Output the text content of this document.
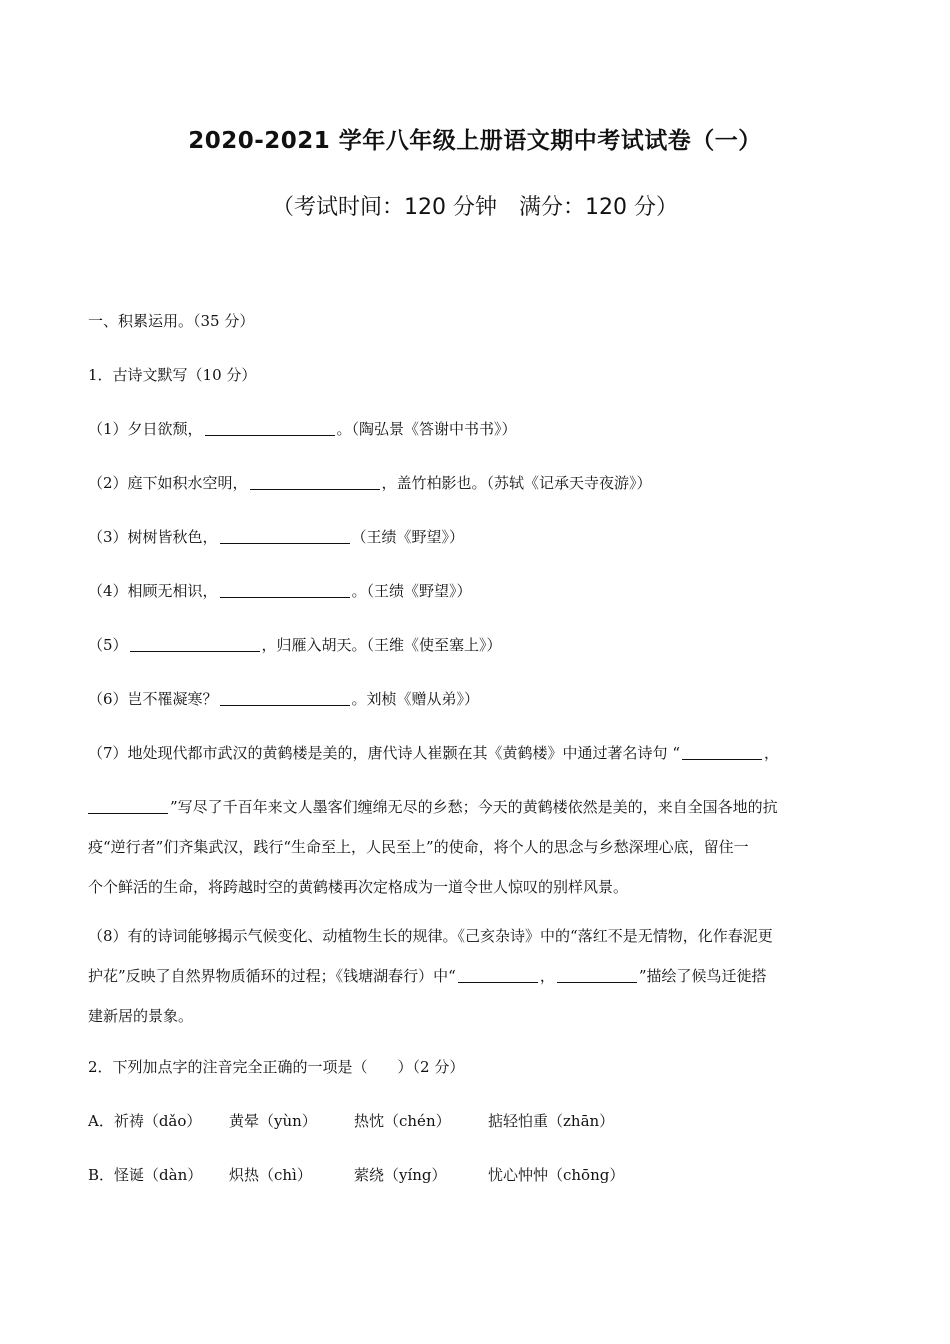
2020-2021 学年八年级上册语文期中考试试卷（一）
（考试时间：120 分钟　满分：120 分）
一、积累运用。（35 分）
1．古诗文默写（10 分）
（1）夕日欲颓，	。（陶弘景《答谢中书书》）
（2）庭下如积水空明，	，盖竹柏影也。（苏轼《记承天寺夜游》）
（3）树树皆秋色，	（王绩《野望》）
（4）相顾无相识，	。（王绩《野望》）
（5）	，归雁入胡天。（王维《使至塞上》）
（6）岂不罹凝寒？	。刘桢《赠从弟》）
（7）地处现代都市武汉的黄鹤楼是美的，唐代诗人崔颢在其《黄鹤楼》中通过著名诗句 “	，
”写尽了千百年来文人墨客们缠绵无尽的乡愁；今天的黄鹤楼依然是美的，来自全国各地的抗
疫“逆行者”们齐集武汉，践行“生命至上，人民至上”的使命，将个人的思念与乡愁深埋心底，留住一
个个鲜活的生命，将跨越时空的黄鹤楼再次定格成为一道令世人惊叹的别样风景。
（8）有的诗词能够揭示气候变化、动植物生长的规律。《己亥杂诗》中的“落红不是无情物，化作春泥更
护花”反映了自然界物质循环的过程；《钱塘湖春行）中“	，	”描绘了候鸟迁徙搭
建新居的景象。
2．下列加点字的注音完全正确的一项是（　　）（2 分）
A．祈祷（dǎo） 黄晕（yùn） 热忱（chén） 掂轻怕重（zhān）
B．怪诞（dàn） 炽热（chì）	萦绕（yíng）	忧心忡忡（chōng）
